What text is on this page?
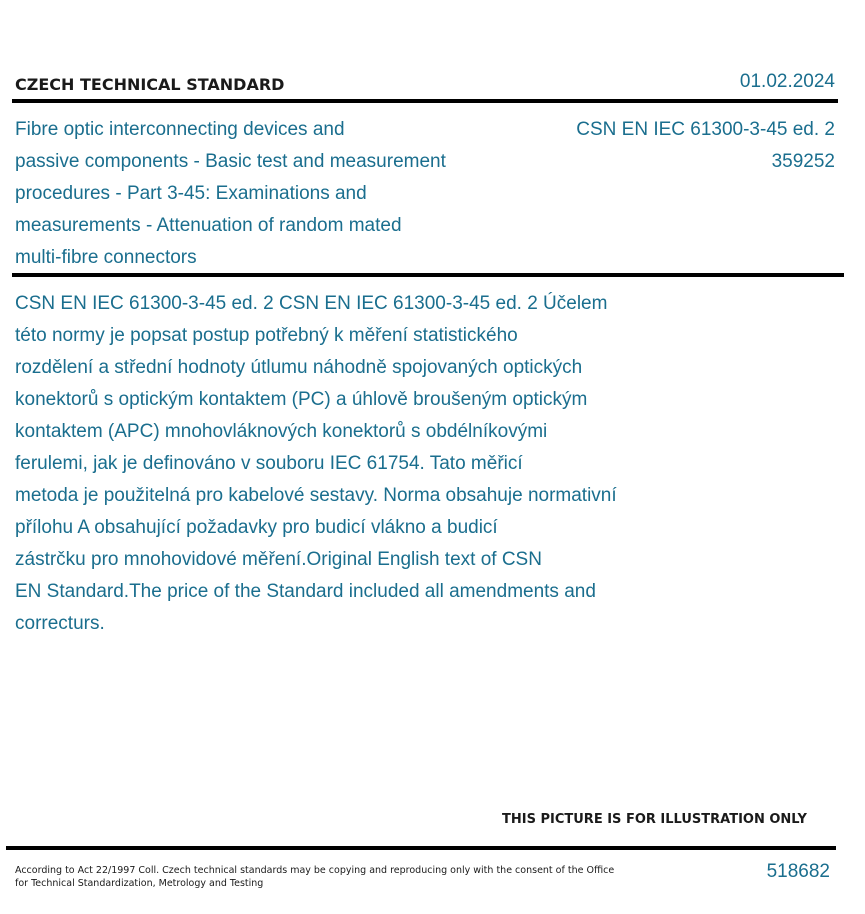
CZECH TECHNICAL STANDARD	01.02.2024
Fibre optic interconnecting devices and
passive components - Basic test and measurement
procedures - Part 3-45: Examinations and
measurements - Attenuation of random mated
multi-fibre connectors
CSN EN IEC 61300-3-45 ed. 2
359252
CSN EN IEC 61300-3-45 ed. 2 CSN EN IEC 61300-3-45 ed. 2 Účelem
této normy je popsat postup potřebný k měření statistického
rozdělení a střední hodnoty útlumu náhodně spojovaných optických
konektorů s optickým kontaktem (PC) a úhlově broušeným optickým
kontaktem (APC) mnohovláknových konektorů s obdélníkovými
ferulemi, jak je definováno v souboru IEC 61754. Tato měřicí
metoda je použitelná pro kabelové sestavy. Norma obsahuje normativní
přílohu A obsahující požadavky pro budicí vlákno a budicí
zástrčku pro mnohovidové měření.Original English text of CSN
EN Standard.The price of the Standard included all amendments and
correcturs.
THIS PICTURE IS FOR ILLUSTRATION ONLY
According to Act 22/1997 Coll. Czech technical standards may be copying and reproducing only with the consent of the Office
for Technical Standardization, Metrology and Testing
518682
